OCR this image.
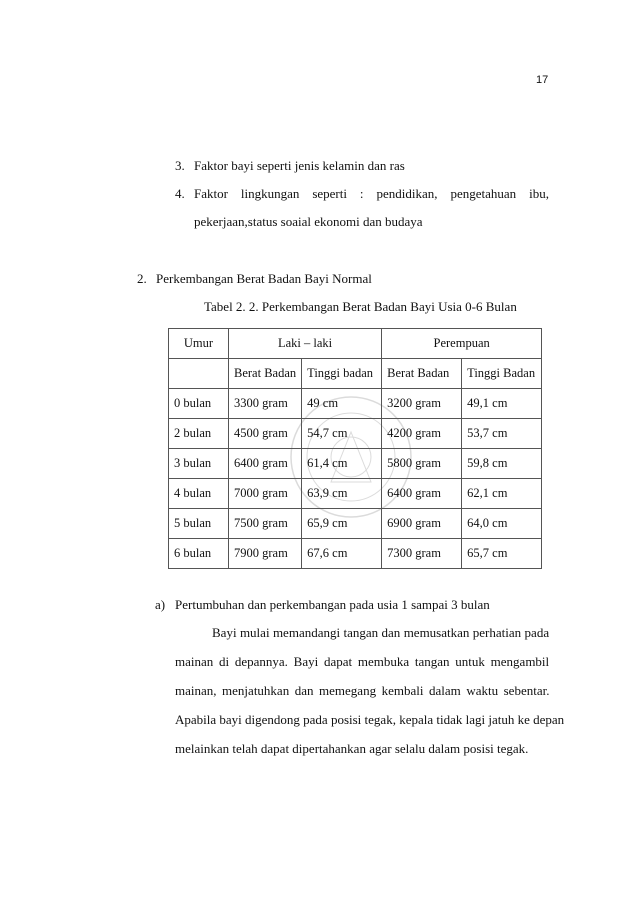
17
3. Faktor bayi seperti jenis kelamin dan ras
4. Faktor lingkungan seperti : pendidikan, pengetahuan ibu,
pekerjaan,status soaial ekonomi dan budaya
2. Perkembangan Berat Badan Bayi Normal
Tabel 2. 2. Perkembangan Berat Badan Bayi Usia 0-6 Bulan
Umur	Laki – laki		Perempuan	
	Berat Badan	Tinggi badan	Berat Badan	Tinggi Badan
0 bulan	3300 gram	49 cm	3200 gram	49,1 cm
2 bulan	4500 gram	54,7 cm	4200 gram	53,7 cm
3 bulan	6400 gram	61,4 cm	5800 gram	59,8 cm
4 bulan	7000 gram	63,9 cm	6400 gram	62,1 cm
5 bulan	7500 gram	65,9 cm	6900 gram	64,0 cm
6 bulan	7900 gram	67,6 cm	7300 gram	65,7 cm
a) Pertumbuhan dan perkembangan pada usia 1 sampai 3 bulan
Bayi mulai memandangi tangan dan memusatkan perhatian pada
mainan di depannya. Bayi dapat membuka tangan untuk mengambil
mainan, menjatuhkan dan memegang kembali dalam waktu sebentar.
Apabila bayi digendong pada posisi tegak, kepala tidak lagi jatuh ke depan
melainkan telah dapat dipertahankan agar selalu dalam posisi tegak.
